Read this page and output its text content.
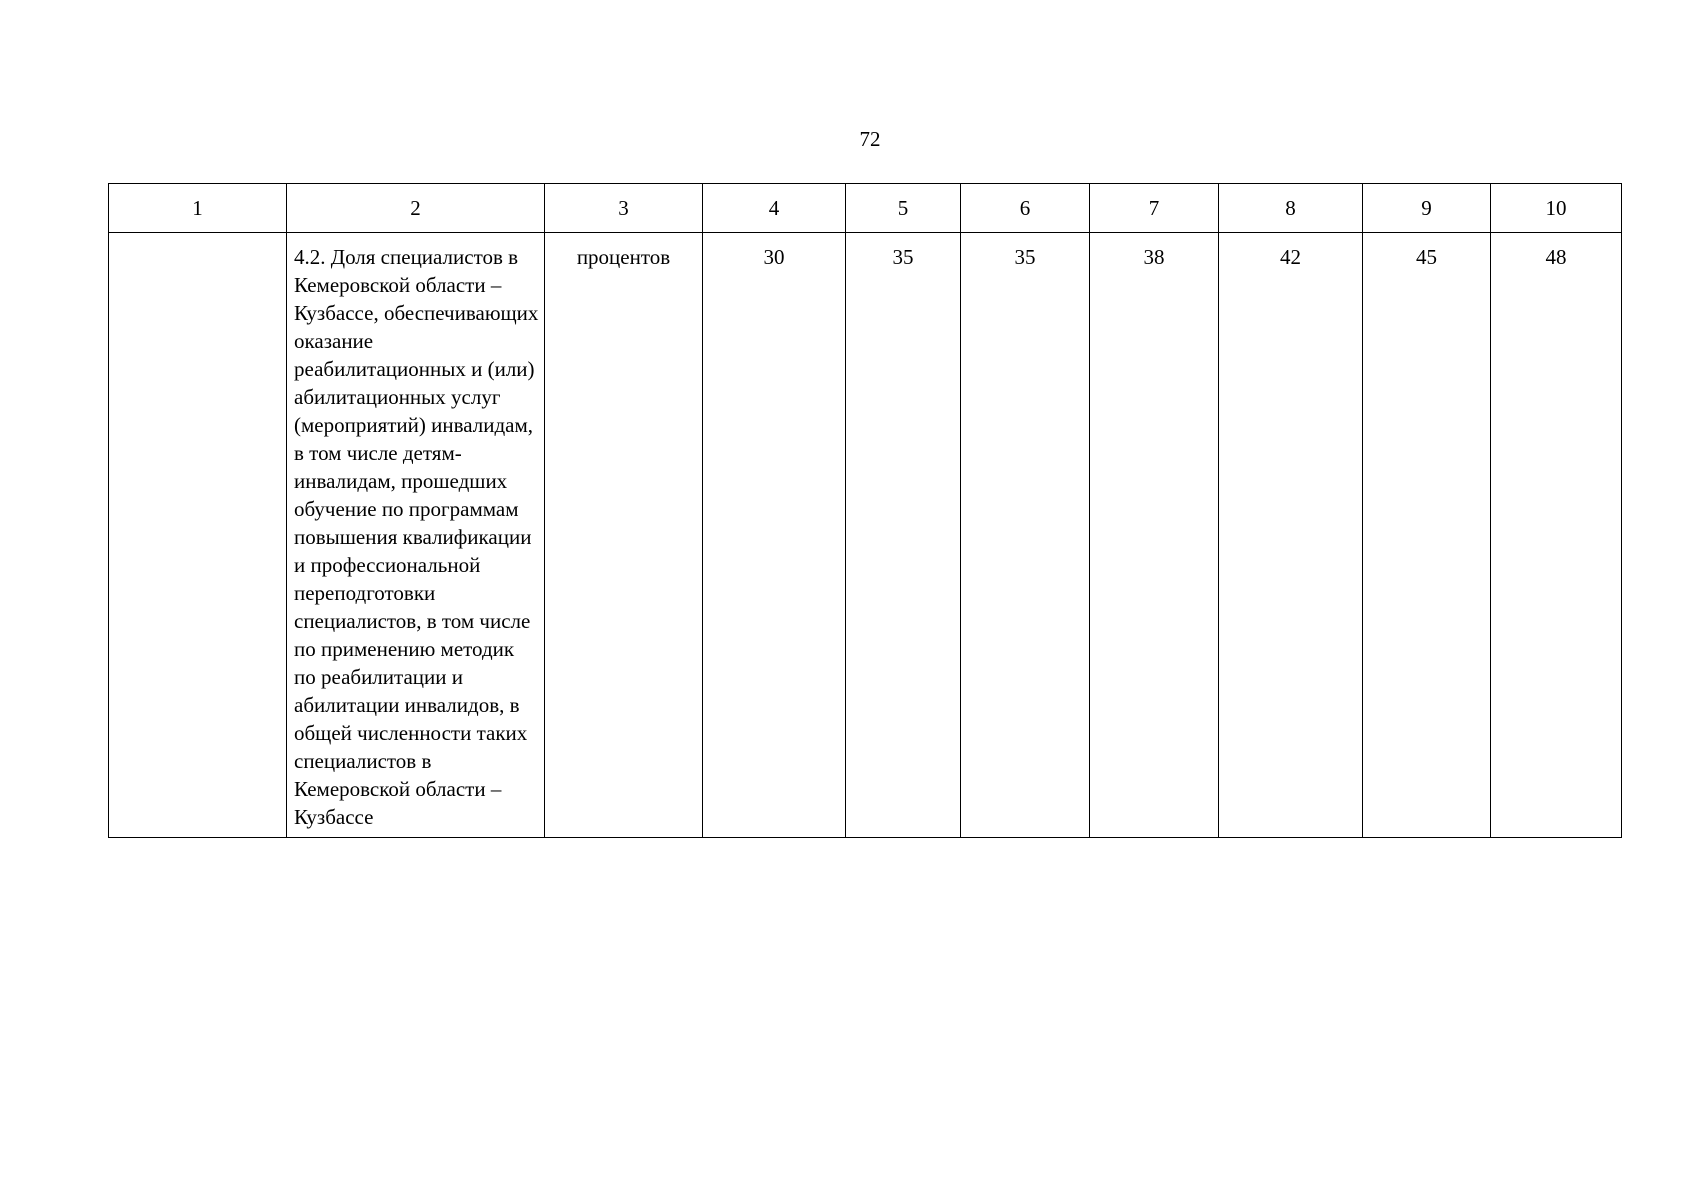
72
1	2	3	4	5	6	7	8	9	10
	4.2. Доля специалистов в Кемеровской области – Кузбассе, обеспечивающих оказание реабилитационных и (или) абилитационных услуг (мероприятий) инвалидам, в том числе детям-инвалидам, прошедших обучение по программам повышения квалификации и профессиональной переподготовки специалистов, в том числе по применению методик по реабилитации и абилитации инвалидов, в общей численности таких специалистов в Кемеровской области – Кузбассе	процентов	30	35	35	38	42	45	48
